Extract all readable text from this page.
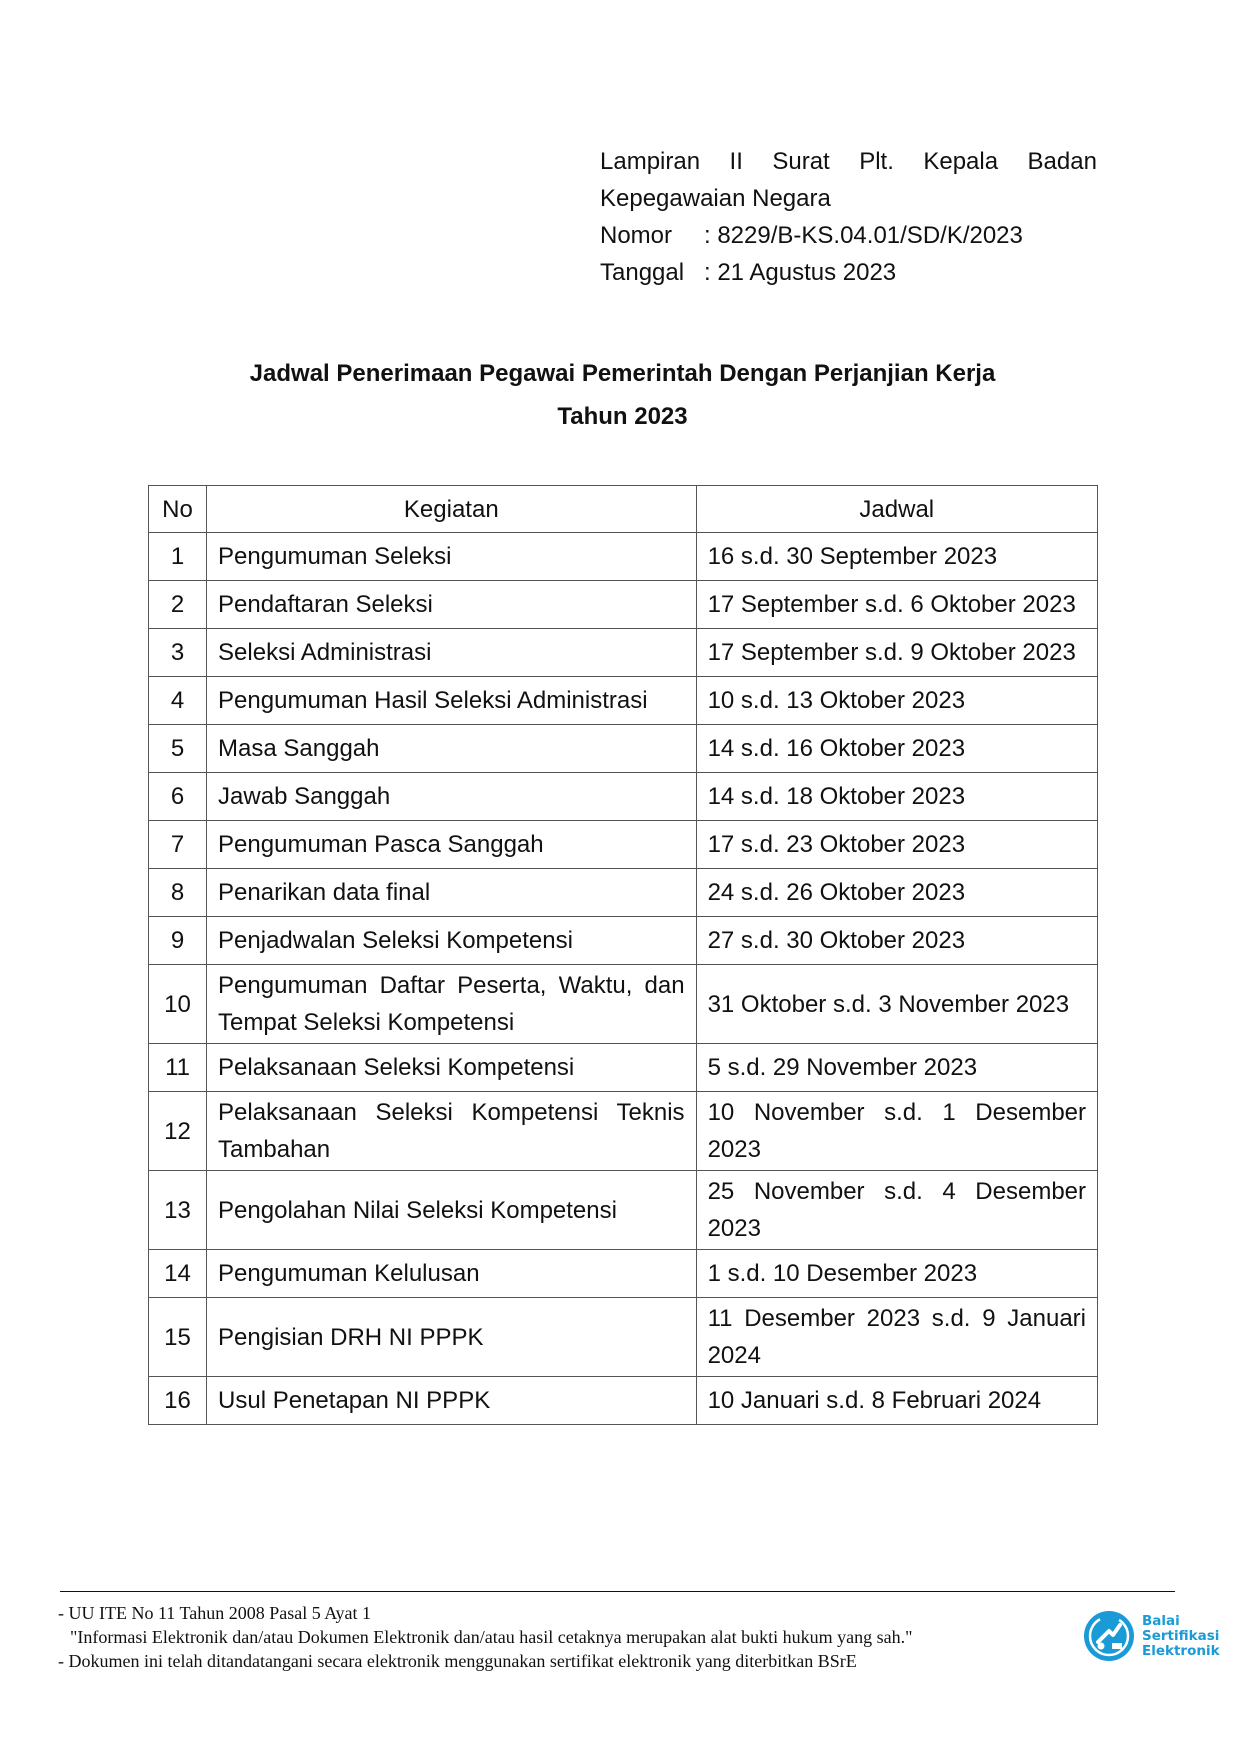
Lampiran II Surat Plt. Kepala Badan
Kepegawaian Negara
Nomor	: 8229/B-KS.04.01/SD/K/2023
Tanggal : 21 Agustus 2023
Jadwal Penerimaan Pegawai Pemerintah Dengan Perjanjian Kerja
Tahun 2023
No	Kegiatan	Jadwal
1	Pengumuman Seleksi	16 s.d. 30 September 2023
2	Pendaftaran Seleksi	17 September s.d. 6 Oktober 2023
3	Seleksi Administrasi	17 September s.d. 9 Oktober 2023
4	Pengumuman Hasil Seleksi Administrasi	10 s.d. 13 Oktober 2023
5	Masa Sanggah	14 s.d. 16 Oktober 2023
6	Jawab Sanggah	14 s.d. 18 Oktober 2023
7	Pengumuman Pasca Sanggah	17 s.d. 23 Oktober 2023
8	Penarikan data final	24 s.d. 26 Oktober 2023
9	Penjadwalan Seleksi Kompetensi	27 s.d. 30 Oktober 2023
10	Pengumuman Daftar Peserta, Waktu, dan Tempat Seleksi Kompetensi	31 Oktober s.d. 3 November 2023
11	Pelaksanaan Seleksi Kompetensi	5 s.d. 29 November 2023
12	Pelaksanaan Seleksi Kompetensi Teknis Tambahan	10 November s.d. 1 Desember 2023
13	Pengolahan Nilai Seleksi Kompetensi	25 November s.d. 4 Desember 2023
14	Pengumuman Kelulusan	1 s.d. 10 Desember 2023
15	Pengisian DRH NI PPPK	11 Desember 2023 s.d. 9 Januari 2024
16	Usul Penetapan NI PPPK	10 Januari s.d. 8 Februari 2024
- UU ITE No 11 Tahun 2008 Pasal 5 Ayat 1
"Informasi Elektronik dan/atau Dokumen Elektronik dan/atau hasil cetaknya merupakan alat bukti hukum yang sah."
- Dokumen ini telah ditandatangani secara elektronik menggunakan sertifikat elektronik yang diterbitkan BSrE
Balai
Sertifikasi
Elektronik
